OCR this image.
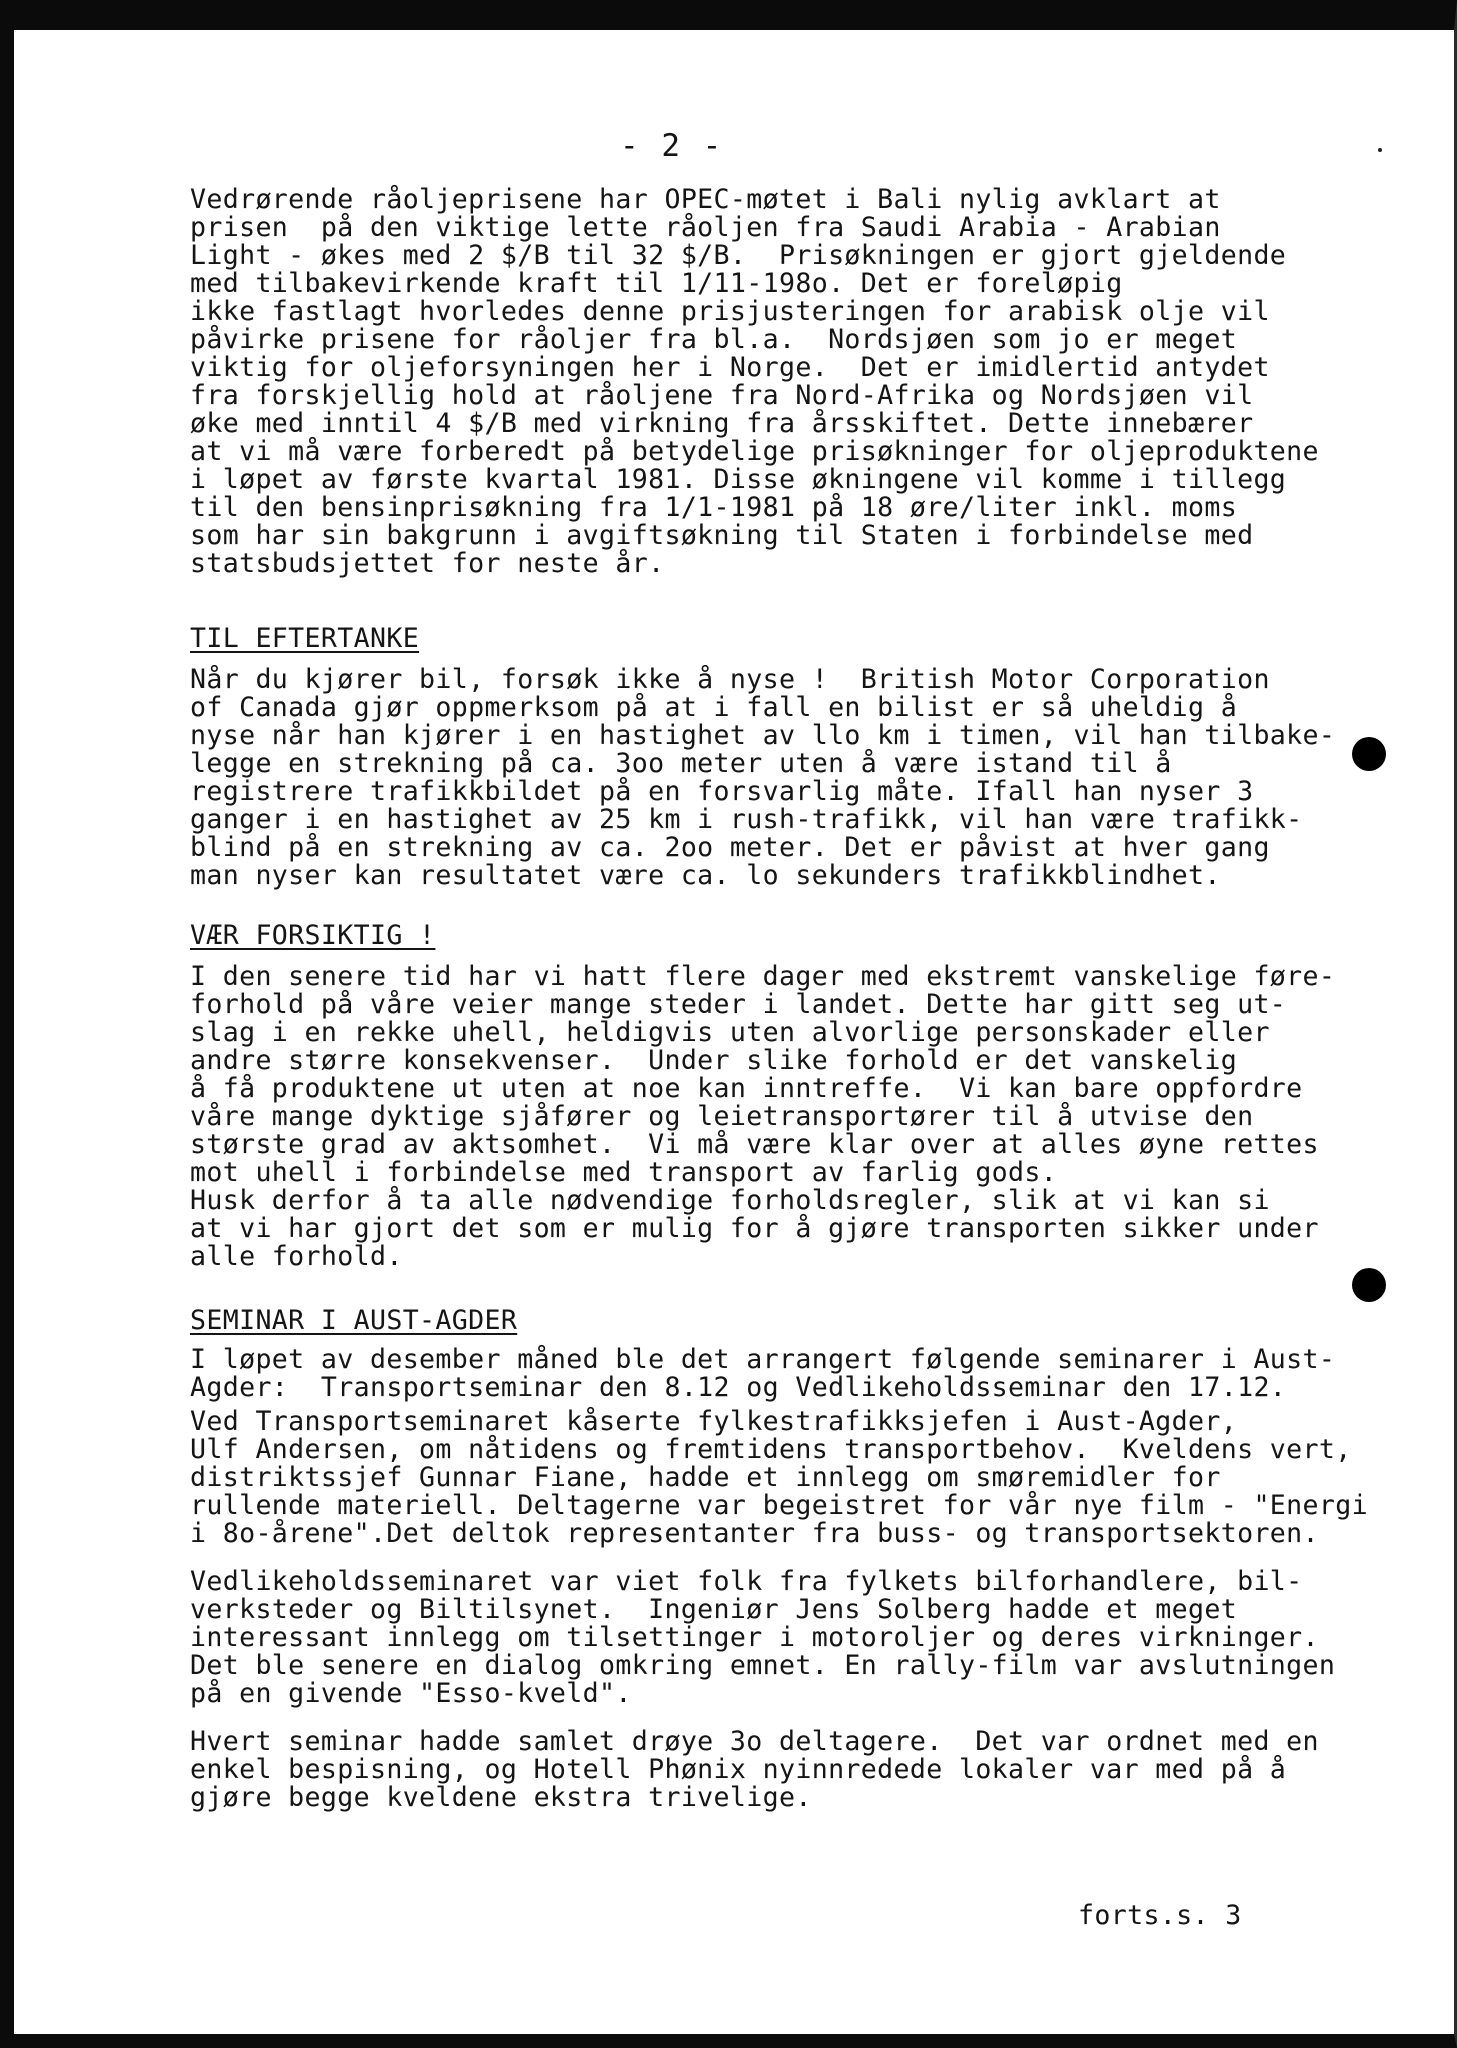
- 2 -
Vedrørende råoljeprisene har OPEC-møtet i Bali nylig avklart at
prisen  på den viktige lette råoljen fra Saudi Arabia - Arabian
Light - økes med 2 $/B til 32 $/B.  Prisøkningen er gjort gjeldende
med tilbakevirkende kraft til 1/11-198o. Det er foreløpig
ikke fastlagt hvorledes denne prisjusteringen for arabisk olje vil
påvirke prisene for råoljer fra bl.a.  Nordsjøen som jo er meget
viktig for oljeforsyningen her i Norge.  Det er imidlertid antydet
fra forskjellig hold at råoljene fra Nord-Afrika og Nordsjøen vil
øke med inntil 4 $/B med virkning fra årsskiftet. Dette innebærer
at vi må være forberedt på betydelige prisøkninger for oljeproduktene
i løpet av første kvartal 1981. Disse økningene vil komme i tillegg
til den bensinprisøkning fra 1/1-1981 på 18 øre/liter inkl. moms
som har sin bakgrunn i avgiftsøkning til Staten i forbindelse med
statsbudsjettet for neste år.
TIL EFTERTANKE
Når du kjører bil, forsøk ikke å nyse !  British Motor Corporation
of Canada gjør oppmerksom på at i fall en bilist er så uheldig å
nyse når han kjører i en hastighet av llo km i timen, vil han tilbake-
legge en strekning på ca. 3oo meter uten å være istand til å
registrere trafikkbildet på en forsvarlig måte. Ifall han nyser 3
ganger i en hastighet av 25 km i rush-trafikk, vil han være trafikk-
blind på en strekning av ca. 2oo meter. Det er påvist at hver gang
man nyser kan resultatet være ca. lo sekunders trafikkblindhet.
VÆR FORSIKTIG !
I den senere tid har vi hatt flere dager med ekstremt vanskelige føre-
forhold på våre veier mange steder i landet. Dette har gitt seg ut-
slag i en rekke uhell, heldigvis uten alvorlige personskader eller
andre større konsekvenser.  Under slike forhold er det vanskelig
å få produktene ut uten at noe kan inntreffe.  Vi kan bare oppfordre
våre mange dyktige sjåfører og leietransportører til å utvise den
største grad av aktsomhet.  Vi må være klar over at alles øyne rettes
mot uhell i forbindelse med transport av farlig gods.
Husk derfor å ta alle nødvendige forholdsregler, slik at vi kan si
at vi har gjort det som er mulig for å gjøre transporten sikker under
alle forhold.
SEMINAR I AUST-AGDER
I løpet av desember måned ble det arrangert følgende seminarer i Aust-
Agder:  Transportseminar den 8.12 og Vedlikeholdsseminar den 17.12.
Ved Transportseminaret kåserte fylkestrafikksjefen i Aust-Agder,
Ulf Andersen, om nåtidens og fremtidens transportbehov.  Kveldens vert,
distriktssjef Gunnar Fiane, hadde et innlegg om smøremidler for
rullende materiell. Deltagerne var begeistret for vår nye film - "Energi
i 8o-årene".Det deltok representanter fra buss- og transportsektoren.
Vedlikeholdsseminaret var viet folk fra fylkets bilforhandlere, bil-
verksteder og Biltilsynet.  Ingeniør Jens Solberg hadde et meget
interessant innlegg om tilsettinger i motoroljer og deres virkninger.
Det ble senere en dialog omkring emnet. En rally-film var avslutningen
på en givende "Esso-kveld".
Hvert seminar hadde samlet drøye 3o deltagere.  Det var ordnet med en
enkel bespisning, og Hotell Phønix nyinnredede lokaler var med på å
gjøre begge kveldene ekstra trivelige.
forts.s. 3
